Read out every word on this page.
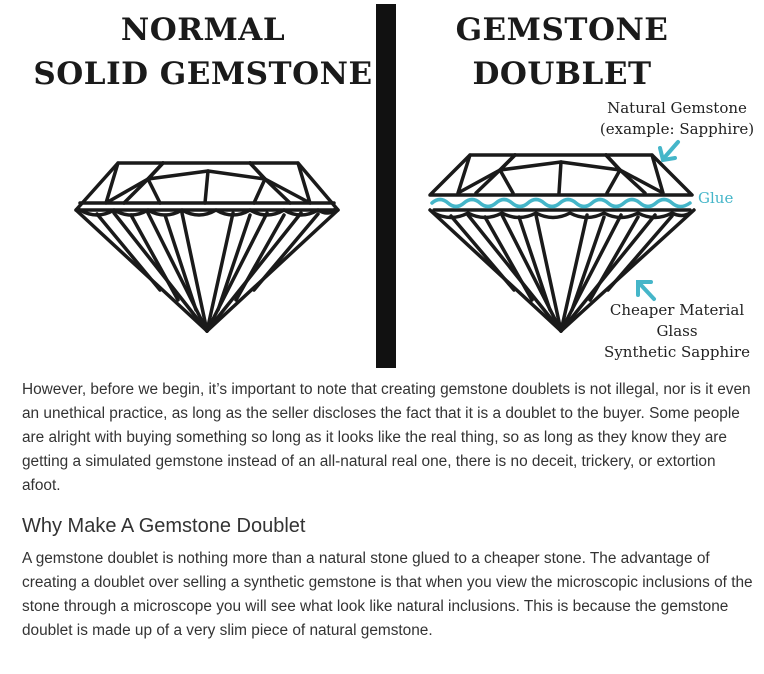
NORMAL
SOLID GEMSTONE
GEMSTONE
DOUBLET
Natural Gemstone
(example: Sapphire)
Glue
Cheaper Material
Glass
Synthetic Sapphire

However, before we begin, it’s important to note that creating gemstone doublets is not illegal, nor is it even an unethical practice, as long as the seller discloses the fact that it is a doublet to the buyer. Some people are alright with buying something so long as it looks like the real thing, so as long as they know they are getting a simulated gemstone instead of an all-natural real one, there is no deceit, trickery, or extortion afoot.

Why Make A Gemstone Doublet

A gemstone doublet is nothing more than a natural stone glued to a cheaper stone. The advantage of creating a doublet over selling a synthetic gemstone is that when you view the microscopic inclusions of the stone through a microscope you will see what look like natural inclusions. This is because the gemstone doublet is made up of a very slim piece of natural gemstone.
